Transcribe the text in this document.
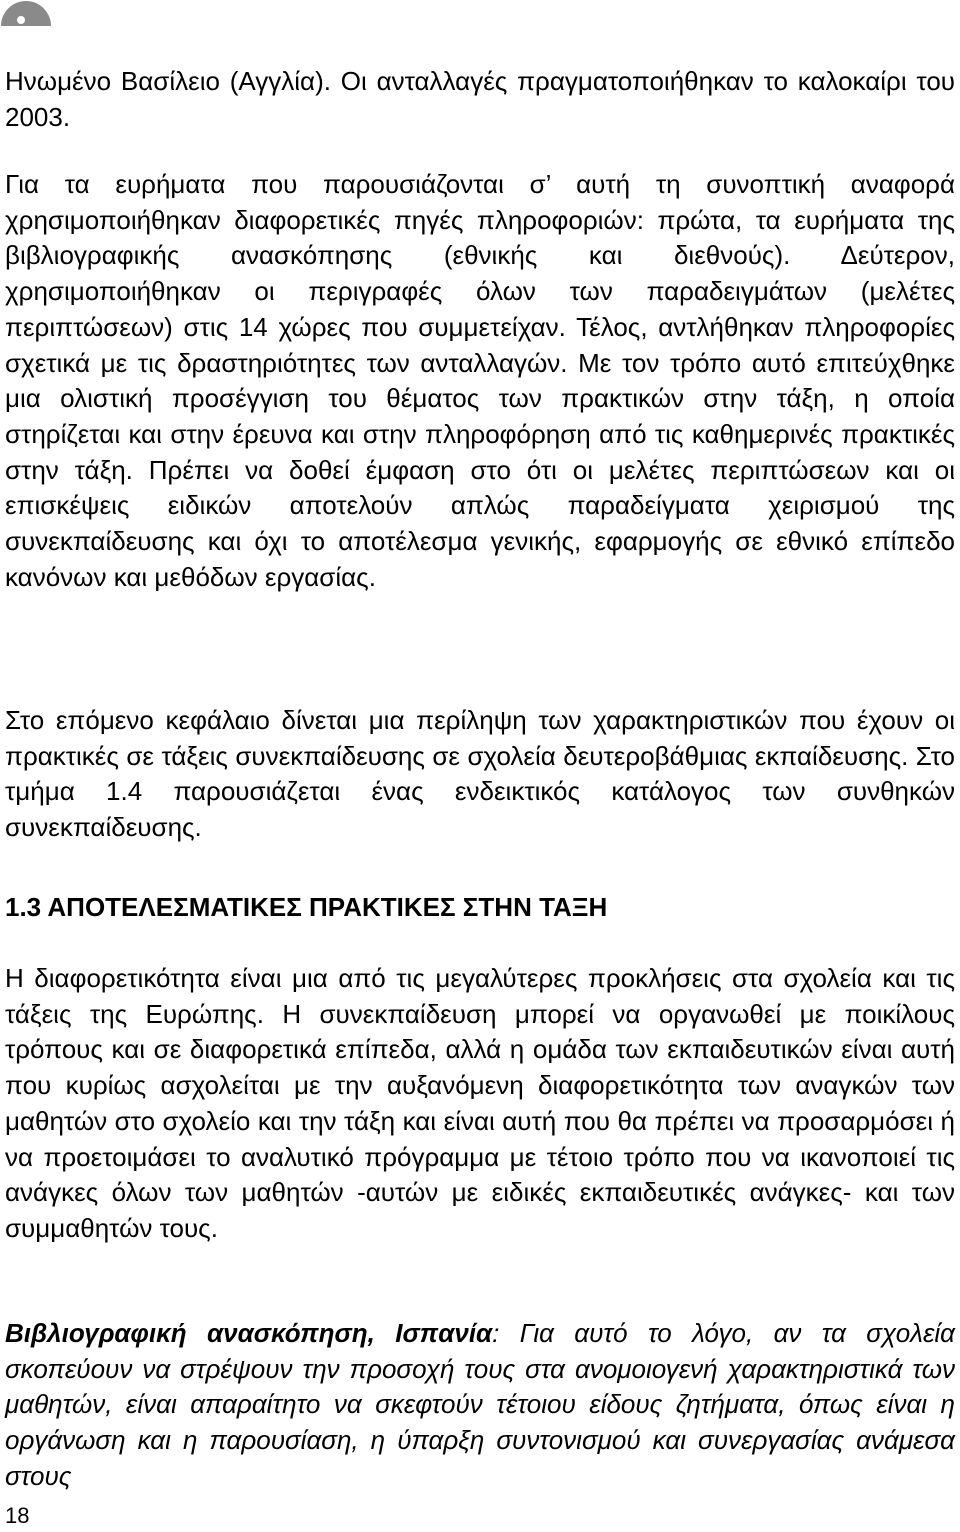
Ηνωμένο Βασίλειο (Αγγλία). Οι ανταλλαγές πραγματοποιήθηκαν το καλοκαίρι του 2003.

Για τα ευρήματα που παρουσιάζονται σ’ αυτή τη συνοπτική αναφορά χρησιμοποιήθηκαν διαφορετικές πηγές πληροφοριών: πρώτα, τα ευρήματα της βιβλιογραφικής ανασκόπησης (εθνικής και διεθνούς). Δεύτερον, χρησιμοποιήθηκαν οι περιγραφές όλων των παραδειγμάτων (μελέτες περιπτώσεων) στις 14 χώρες που συμμετείχαν. Τέλος, αντλήθηκαν πληροφορίες σχετικά με τις δραστηριότητες των ανταλλαγών. Με τον τρόπο αυτό επιτεύχθηκε μια ολιστική προσέγγιση του θέματος των πρακτικών στην τάξη, η οποία στηρίζεται και στην έρευνα και στην πληροφόρηση από τις καθημερινές πρακτικές στην τάξη. Πρέπει να δοθεί έμφαση στο ότι οι μελέτες περιπτώσεων και οι επισκέψεις ειδικών αποτελούν απλώς παραδείγματα χειρισμού της συνεκπαίδευσης και όχι το αποτέλεσμα γενικής, εφαρμογής σε εθνικό επίπεδο κανόνων και μεθόδων εργασίας.

Στο επόμενο κεφάλαιο δίνεται μια περίληψη των χαρακτηριστικών που έχουν οι πρακτικές σε τάξεις συνεκπαίδευσης σε σχολεία δευτεροβάθμιας εκπαίδευσης. Στο τμήμα 1.4 παρουσιάζεται ένας ενδεικτικός κατάλογος των συνθηκών συνεκπαίδευσης.

1.3 ΑΠΟΤΕΛΕΣΜΑΤΙΚΕΣ ΠΡΑΚΤΙΚΕΣ ΣΤΗΝ ΤΑΞΗ

Η διαφορετικότητα είναι μια από τις μεγαλύτερες προκλήσεις στα σχολεία και τις τάξεις της Ευρώπης. Η συνεκπαίδευση μπορεί να οργανωθεί με ποικίλους τρόπους και σε διαφορετικά επίπεδα, αλλά η ομάδα των εκπαιδευτικών είναι αυτή που κυρίως ασχολείται με την αυξανόμενη διαφορετικότητα των αναγκών των μαθητών στο σχολείο και την τάξη και είναι αυτή που θα πρέπει να προσαρμόσει ή να προετοιμάσει το αναλυτικό πρόγραμμα με τέτοιο τρόπο που να ικανοποιεί τις ανάγκες όλων των μαθητών -αυτών με ειδικές εκπαιδευτικές ανάγκες- και των συμμαθητών τους.

Βιβλιογραφική ανασκόπηση, Ισπανία: Για αυτό το λόγο, αν τα σχολεία σκοπεύουν να στρέψουν την προσοχή τους στα ανομοιογενή χαρακτηριστικά των μαθητών, είναι απαραίτητο να σκεφτούν τέτοιου είδους ζητήματα, όπως είναι η οργάνωση και η παρουσίαση, η ύπαρξη συντονισμού και συνεργασίας ανάμεσα στους

18
